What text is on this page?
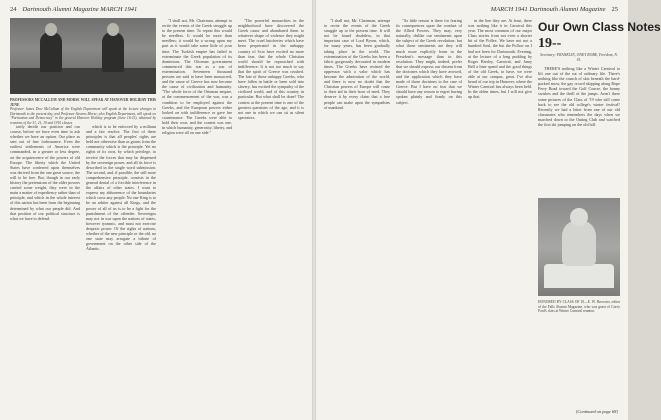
24 Dartmouth Alumni Magazine MARCH 1941
PROFESSORS MCCALLUM AND MORSE WILL SPEAK AT HANOVER HOLIDAY THIS JUNE
Professor James Dow McCallum of the English Department will speak at the lecture changes in Dartmouth to the present day, and Professor Stearns Morse, also English Department, will speak on "Puritanism and Democracy" in the general Hanover Holiday program (June 16-21), obtained by reunions of the 31, 21, 19 and 1910 classes.

tarily decide our position and our course, before we have even time to ask whether we have an option. Our place as sent out of fine forbearance. Even the earliest settlements of America were commanded, in a greater or less degree, on the acquiescence of the powers of old Europe. The liberty which the United States have conferred upon themselves was derived from the one great source, the will to be free. But, though in our early history the pretensions of the older powers carried some weight, they were in the main a matter of expediency rather than of principle, and which in the whole interest of this nation has been from the beginning determined by what our people did. And that position of our political structure is what we have to defend.

which is to be enforced by a militant and a fair resolve. The first of these principles is that all peoples' rights are held not otherwise than as grants from the community which is the principle. Yet no rights of its own, by which privilege, to receive the forces that may be dispensed by the sovereign power, and all its force is described in the single word submission. The second, and, if possible, the still more comprehensive principle, consists in the general denial of a forcible interference in the affairs of other states. I want to express my abhorrence of the boundaries which cross any people. No one King is to be an arbiter against all Kings, and the power of all of us is to be a fight for the punishment of the offender. Sovereigns may not in war upon the nations of states, however tyrannic, and must not exercise despotic power. Of the rights of nations, whether of the new principle or the old, no one state may arrogate a tribute of government on the other side of the Atlantic.

"I shall not, Mr. Chairman, attempt to recite the events of the Greek struggle up to the present time. To repeat this would be needless. It would be more than needless; it would be a wrong upon my part as it would take some little of your time. The Turkish empire has failed to exterminate the Greek population of its dominions. The Ottoman government commenced this war as a war of extermination. Seventeen thousand persons are said to have been massacred, and the cause of Greece has now become the cause of civilization and humanity. "The whole force of the Ottoman empire, at the commencement of the war, was a condition to be employed against the Greeks, and the European powers either looked on with indifference or gave her countenance. The Greeks were able to hold their own, and the contest was one, in which humanity, generosity, liberty, and religion were all on one side."

"The powerful monarchies in the neighborhood have discovered the Greek cause and abandoned them to whatever shape of violence they might meet. The cruel butcheries which have been perpetrated in the unhappy country of Scio have excited no more than fear, that the whole Christian world should be reproached with indifference. It is not too much to say that the spirit of Greece was crushed. The fate of those unhappy Greeks, who have fallen in battle or been sold into slavery, has excited the sympathy of the civilized world, and of this country in particular. But what shall be done? The contest at the present time is one of the greatest questions of the age, and it is not one in which we can sit as silent spectators.

MARCH 1941 Dartmouth Alumni Magazine 25

"I shall not, Mr. Chairman, attempt to recite the events of the Greek struggle up to the present time. It will not be found doubtless, in that important case of Lord Byron, which, for many years, has been gradually taking place in the world. The extermination of the Greeks has been a fabric gorgeously decorated in modern times. The Greeks have resisted the oppressor with a valor which has become the admiration of the world, and there is now no doubt that the Christian powers of Europe will come to their aid in their hour of need. They deserve it by every claim that a free people can make upon the sympathies of mankind.

"As little reason is there for fearing its consequences upon the conduct of the Allied Powers. They may, very naturally, dislike our sentiments upon the subject of the Greek revolution; but what those sentiments are they will much more explicitly learn in the President's message than in this resolution. They might, indeed, prefer that we should express our dissent from the doctrines which they have avowed, and the application which they have made of those doctrines to the case of Greece. But I have no fear that we should have any reason to regret having spoken plainly and firmly on this subject.

in the line they are. At least, there was nothing like it in Carnival this year. The most common of our major Class stories from not even a shorter bit of the Pollex. We have not not a hundred Soul, the but the Pollow on I had not been for Dartmouth. Evening, at the lecture of a long pudding by Roger Bierley, Carnival, and Jamy Bell a lime spend and the good things of the old Greek, to have, we were able at our campus, great. I've also heard of our trip in Hanover, where the Winter Carnival has always been held. In the olden times, but I will not give up that.

Our Own Class Notes
19--
Secretary: FRANKLIN, ONEY ROBE, Freedom, N. H.

THERE'S nothing like a Winter Carnival to lift one out of the rut of ordinary life. There's nothing like the crunch of skis beneath the hard-packed snow, the gay crowd skipping along Rope Ferry Road toward the Golf Course, the bonny swishes and the thrill of the jumps. Aren't there some pictures of the Class of '19 who still come back to see the old college's winter festival? Recently we had a letter from one of our old classmates who remembers the days when we marched down to the Outing Club and watched the first ski jumping on the old hill.

HONORED BY CLASS OF 19—E. W. Brewster, editor of the Falls Alumni Magazine, who was guest of Corey Ford's class at Winter Carnival reunion.
[Continued on page 68]
